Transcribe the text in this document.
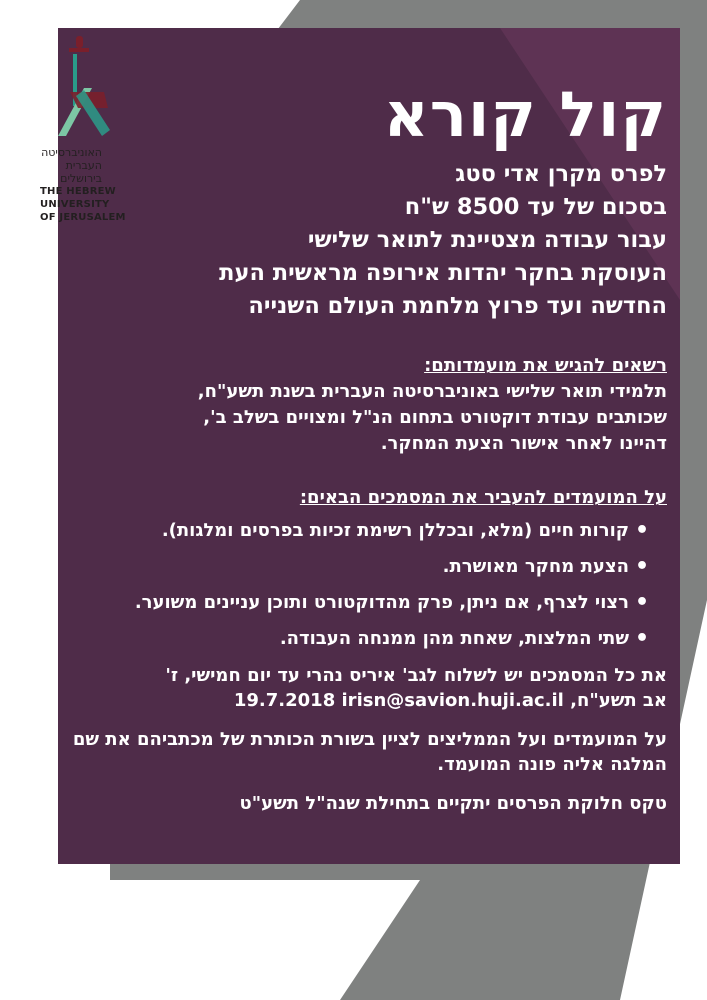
האוניברסיטה
העברית
בירושלים
THE HEBREW
UNIVERSITY
OF JERUSALEM
קול קורא

לפרס מקרן אדי סטג

בסכום של עד 8500 ש"ח

עבור עבודה מצטיינת לתואר שלישי

העוסקת בחקר יהדות אירופה מראשית העת

החדשה ועד פרוץ מלחמת העולם השנייה

רשאים להגיש את מועמדותם:
תלמידי תואר שלישי באוניברסיטה העברית בשנת תשע"ח,
שכותבים עבודת דוקטורט בתחום הנ"ל ומצויים בשלב ב',
דהיינו לאחר אישור הצעת המחקר.
על המועמדים להעביר את המסמכים הבאים:
• קורות חיים (מלא, ובכללן רשימת זכיות בפרסים ומלגות).
• הצעת מחקר מאושרת.
• רצוי לצרף, אם ניתן, פרק מהדוקטורט ותוכן עניינים משוער.
• שתי המלצות, שאחת מהן ממנחה העבודה.

את כל המסמכים יש לשלוח לגב' איריס נהרי עד יום חמישי, ז'

אב תשע"ח, 19.7.2018 irisn@savion.huji.ac.il

על המועמדים ועל הממליצים לציין בשורת הכותרת של מכתביהם את שם המלגה אליה פונה המועמד.

טקס חלוקת הפרסים יתקיים בתחילת שנה"ל תשע"ט
